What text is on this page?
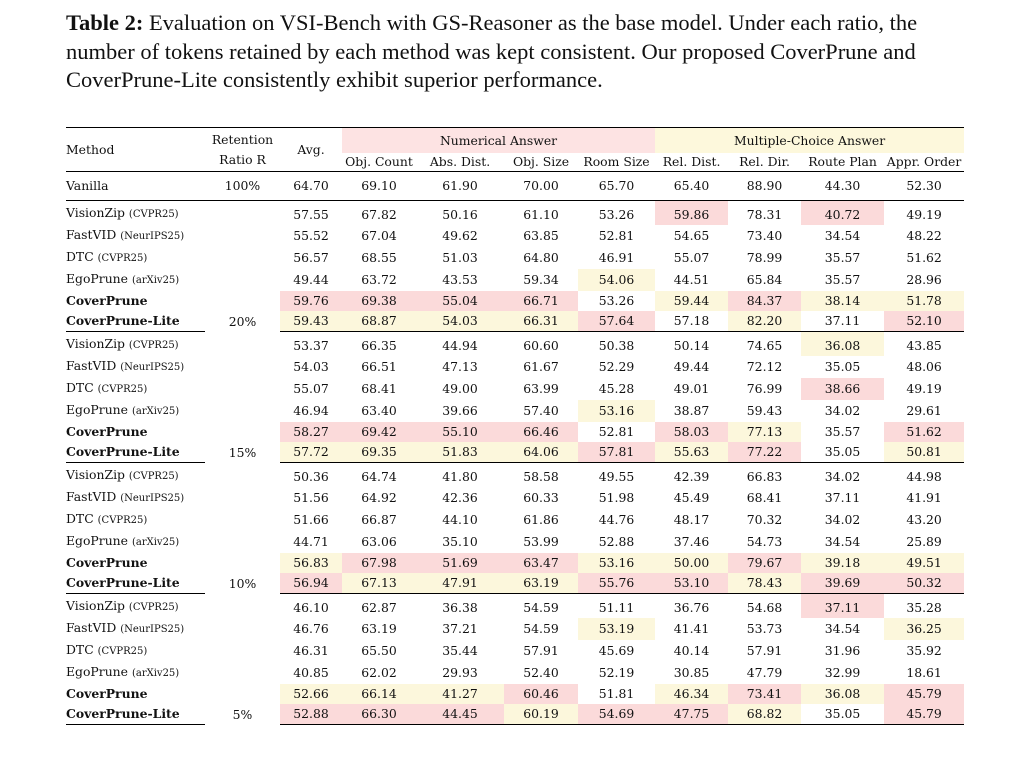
Table 2: Evaluation on VSI-Bench with GS-Reasoner as the base model. Under each ratio, the number of tokens retained by each method was kept consistent. Our proposed CoverPrune and CoverPrune-Lite consistently exhibit superior performance.
Method	Retention
Ratio R	Avg.	Numerical Answer				Multiple-Choice Answer			
			Obj. Count	Abs. Dist.	Obj. Size	Room Size	Rel. Dist.	Rel. Dir.	Route Plan	Appr. Order
Vanilla	100%	64.70	69.10	61.90	70.00	65.70	65.40	88.90	44.30	52.30
VisionZip (CVPR25)	20%	57.55	67.82	50.16	61.10	53.26	59.86	78.31	40.72	49.19
FastVID (NeurIPS25)		55.52	67.04	49.62	63.85	52.81	54.65	73.40	34.54	48.22
DTC (CVPR25)		56.57	68.55	51.03	64.80	46.91	55.07	78.99	35.57	51.62
EgoPrune (arXiv25)		49.44	63.72	43.53	59.34	54.06	44.51	65.84	35.57	28.96
CoverPrune		59.76	69.38	55.04	66.71	53.26	59.44	84.37	38.14	51.78
CoverPrune-Lite		59.43	68.87	54.03	66.31	57.64	57.18	82.20	37.11	52.10
VisionZip (CVPR25)	15%	53.37	66.35	44.94	60.60	50.38	50.14	74.65	36.08	43.85
FastVID (NeurIPS25)		54.03	66.51	47.13	61.67	52.29	49.44	72.12	35.05	48.06
DTC (CVPR25)		55.07	68.41	49.00	63.99	45.28	49.01	76.99	38.66	49.19
EgoPrune (arXiv25)		46.94	63.40	39.66	57.40	53.16	38.87	59.43	34.02	29.61
CoverPrune		58.27	69.42	55.10	66.46	52.81	58.03	77.13	35.57	51.62
CoverPrune-Lite		57.72	69.35	51.83	64.06	57.81	55.63	77.22	35.05	50.81
VisionZip (CVPR25)	10%	50.36	64.74	41.80	58.58	49.55	42.39	66.83	34.02	44.98
FastVID (NeurIPS25)		51.56	64.92	42.36	60.33	51.98	45.49	68.41	37.11	41.91
DTC (CVPR25)		51.66	66.87	44.10	61.86	44.76	48.17	70.32	34.02	43.20
EgoPrune (arXiv25)		44.71	63.06	35.10	53.99	52.88	37.46	54.73	34.54	25.89
CoverPrune		56.83	67.98	51.69	63.47	53.16	50.00	79.67	39.18	49.51
CoverPrune-Lite		56.94	67.13	47.91	63.19	55.76	53.10	78.43	39.69	50.32
VisionZip (CVPR25)	5%	46.10	62.87	36.38	54.59	51.11	36.76	54.68	37.11	35.28
FastVID (NeurIPS25)		46.76	63.19	37.21	54.59	53.19	41.41	53.73	34.54	36.25
DTC (CVPR25)		46.31	65.50	35.44	57.91	45.69	40.14	57.91	31.96	35.92
EgoPrune (arXiv25)		40.85	62.02	29.93	52.40	52.19	30.85	47.79	32.99	18.61
CoverPrune		52.66	66.14	41.27	60.46	51.81	46.34	73.41	36.08	45.79
CoverPrune-Lite		52.88	66.30	44.45	60.19	54.69	47.75	68.82	35.05	45.79
